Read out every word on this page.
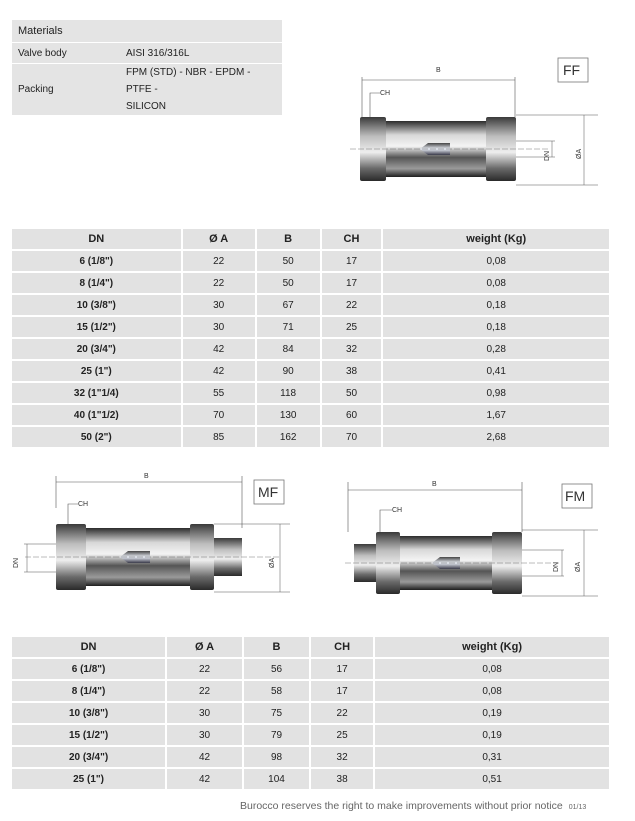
Materials	
Valve body	AISI 316/316L
Packing	FPM (STD) - NBR - EPDM - PTFE -
SILICON
B
CH
DN	ØA
FF
DN	Ø A	B	CH	weight (Kg)
6 (1/8")	22	50	17	0,08
8 (1/4")	22	50	17	0,08
10 (3/8")	30	67	22	0,18
15 (1/2")	30	71	25	0,18
20 (3/4")	42	84	32	0,28
25 (1")	42	90	38	0,41
32 (1"1/4)	55	118	50	0,98
40 (1"1/2)	70	130	60	1,67
50 (2")	85	162	70	2,68
B
CH
DN	ØA
MF	B
CH
DN ØA
FM
DN	Ø A	B	CH	weight (Kg)
6 (1/8")	22	56	17	0,08
8 (1/4")	22	58	17	0,08
10 (3/8")	30	75	22	0,19
15 (1/2")	30	79	25	0,19
20 (3/4")	42	98	32	0,31
25 (1")	42	104	38	0,51
Burocco reserves the right to make improvements without prior notice 01/13
